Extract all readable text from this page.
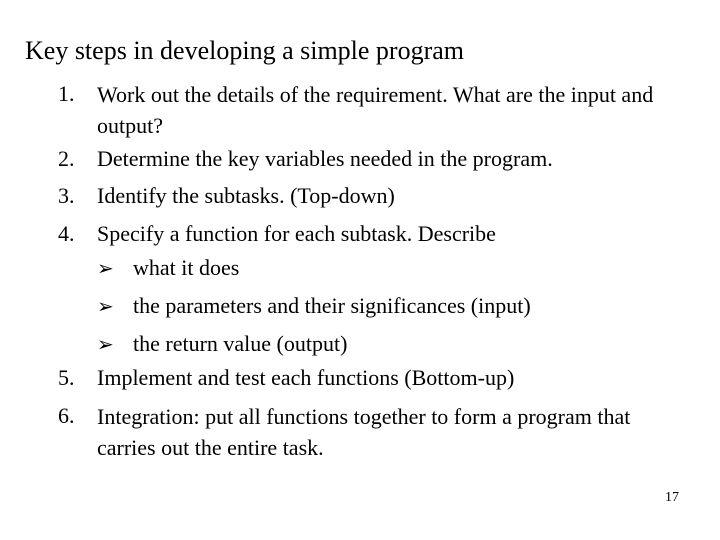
Key steps in developing a simple program
1.	Work out the details of the requirement. What are the input and output?
2.	Determine the key variables needed in the program.
3.	Identify the subtasks. (Top-down)
4.	Specify a function for each subtask. Describe
➢ what it does
➢ the parameters and their significances (input)
➢ the return value (output)
5.	Implement and test each functions (Bottom-up)
6.	Integration: put all functions together to form a program that carries out the entire task.
17
